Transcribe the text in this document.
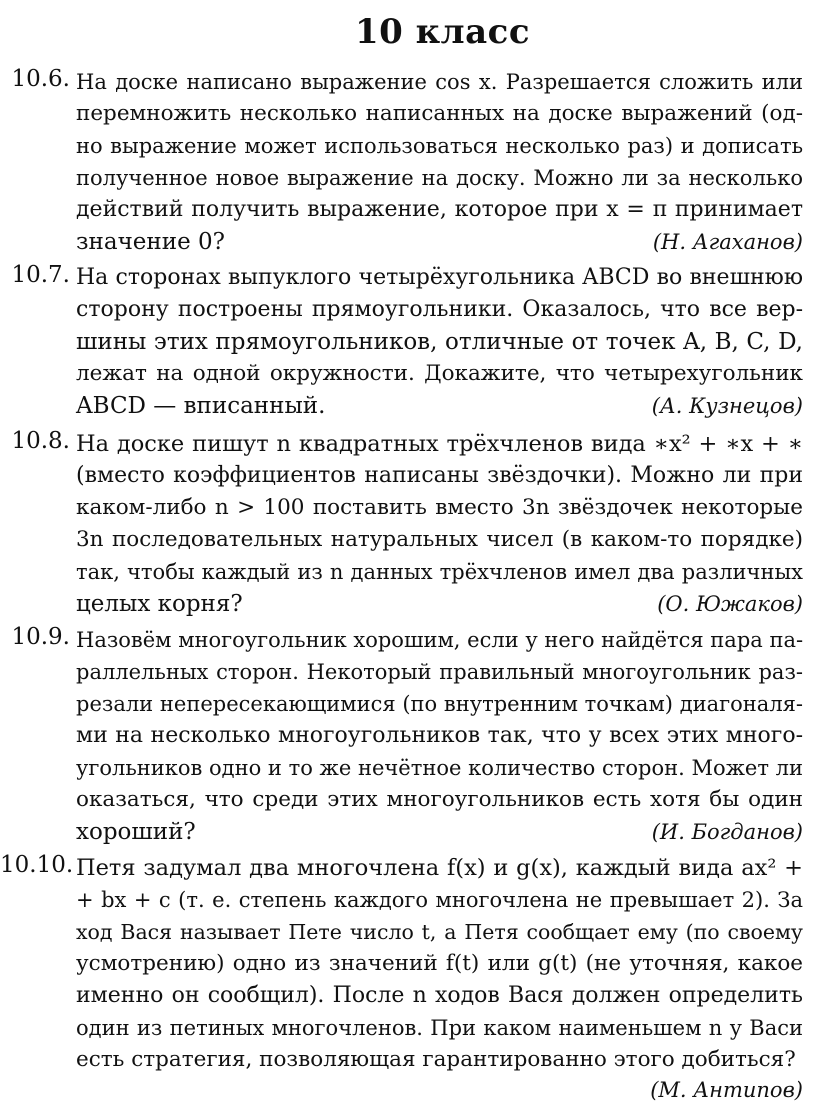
10 класс
10.6. На доске написано выражение cos x. Разрешается сложить или
перемножить несколько написанных на доске выражений (од-
но выражение может использоваться несколько раз) и дописать
полученное новое выражение на доску. Можно ли за несколько
действий получить выражение, которое при x = π принимает
значение 0?	(Н. Агаханов)
10.7. На сторонах выпуклого четырёхугольника ABCD во внешнюю
сторону построены прямоугольники. Оказалось, что все вер-
шины этих прямоугольников, отличные от точек A, B, C, D,
лежат на одной окружности. Докажите, что четырехугольник
ABCD — вписанный.	(А. Кузнецов)
10.8. На доске пишут n квадратных трёхчленов вида ∗x² + ∗x + ∗
(вместо коэффициентов написаны звёздочки). Можно ли при
каком-либо n > 100 поставить вместо 3n звёздочек некоторые
3n последовательных натуральных чисел (в каком-то порядке)
так, чтобы каждый из n данных трёхчленов имел два различных
целых корня?	(О. Южаков)
10.9. Назовём многоугольник хорошим, если у него найдётся пара па-
раллельных сторон. Некоторый правильный многоугольник раз-
резали непересекающимися (по внутренним точкам) диагоналя-
ми на несколько многоугольников так, что у всех этих много-
угольников одно и то же нечётное количество сторон. Может ли
оказаться, что среди этих многоугольников есть хотя бы один
хороший?	(И. Богданов)
10.10. Петя задумал два многочлена f(x) и g(x), каждый вида ax² +
+ bx + c (т. е. степень каждого многочлена не превышает 2). За
ход Вася называет Пете число t, а Петя сообщает ему (по своему
усмотрению) одно из значений f(t) или g(t) (не уточняя, какое
именно он сообщил). После n ходов Вася должен определить
один из петиных многочленов. При каком наименьшем n у Васи
есть стратегия, позволяющая гарантированно этого добиться?
(М. Антипов)
